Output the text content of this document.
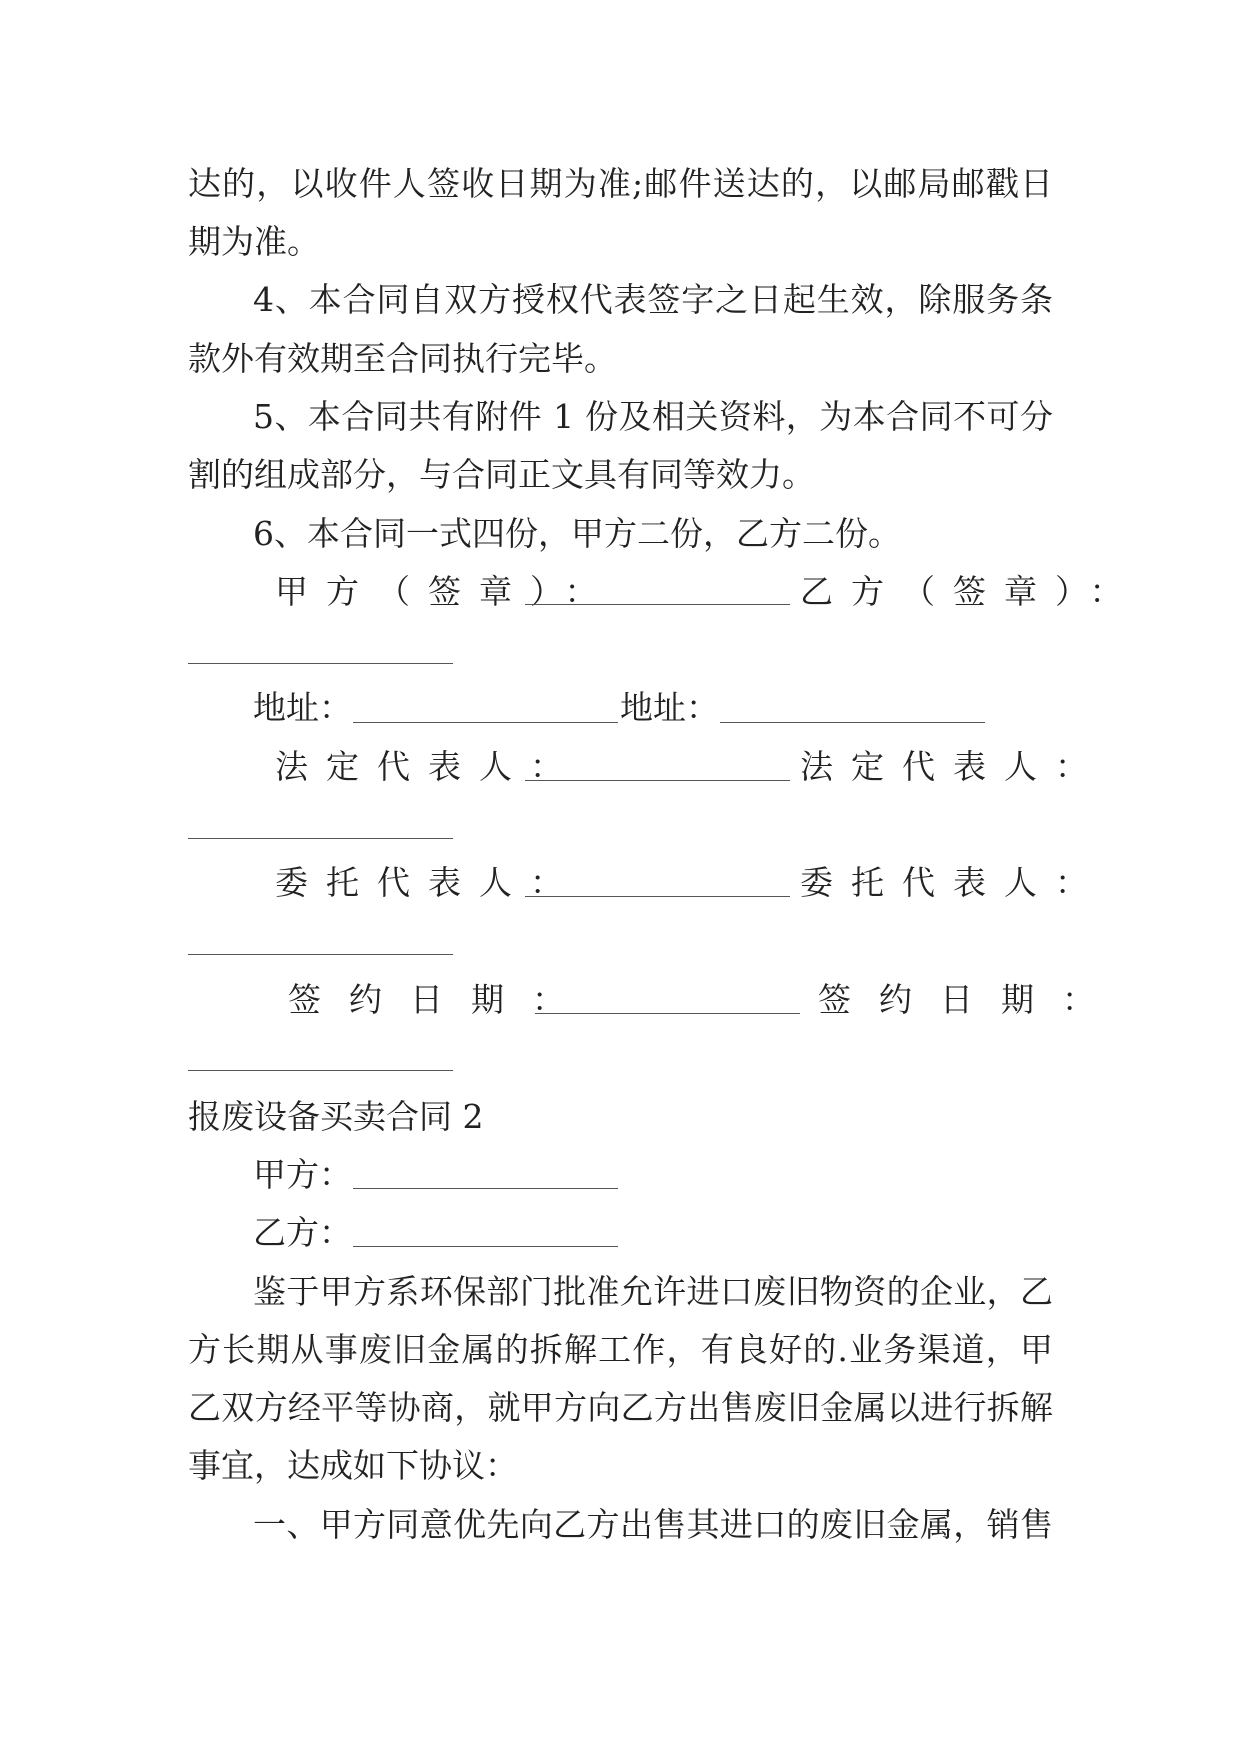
达的，以收件人签收日期为准;邮件送达的，以邮局邮戳日
期为准。
4、本合同自双方授权代表签字之日起生效，除服务条
款外有效期至合同执行完毕。
5、本合同共有附件 1 份及相关资料，为本合同不可分
割的组成部分，与合同正文具有同等效力。
6、本合同一式四份，甲方二份，乙方二份。
甲方（签章）：	乙方（签章）：
地址：	地址：
法定代表人：	法定代表人：
委托代表人：	委托代表人：
签约日期：	签约日期：
报废设备买卖合同 2
甲方：
乙方：
鉴于甲方系环保部门批准允许进口废旧物资的企业，乙
方长期从事废旧金属的拆解工作，有良好的.业务渠道，甲
乙双方经平等协商，就甲方向乙方出售废旧金属以进行拆解
事宜，达成如下协议：
一、甲方同意优先向乙方出售其进口的废旧金属，销售
